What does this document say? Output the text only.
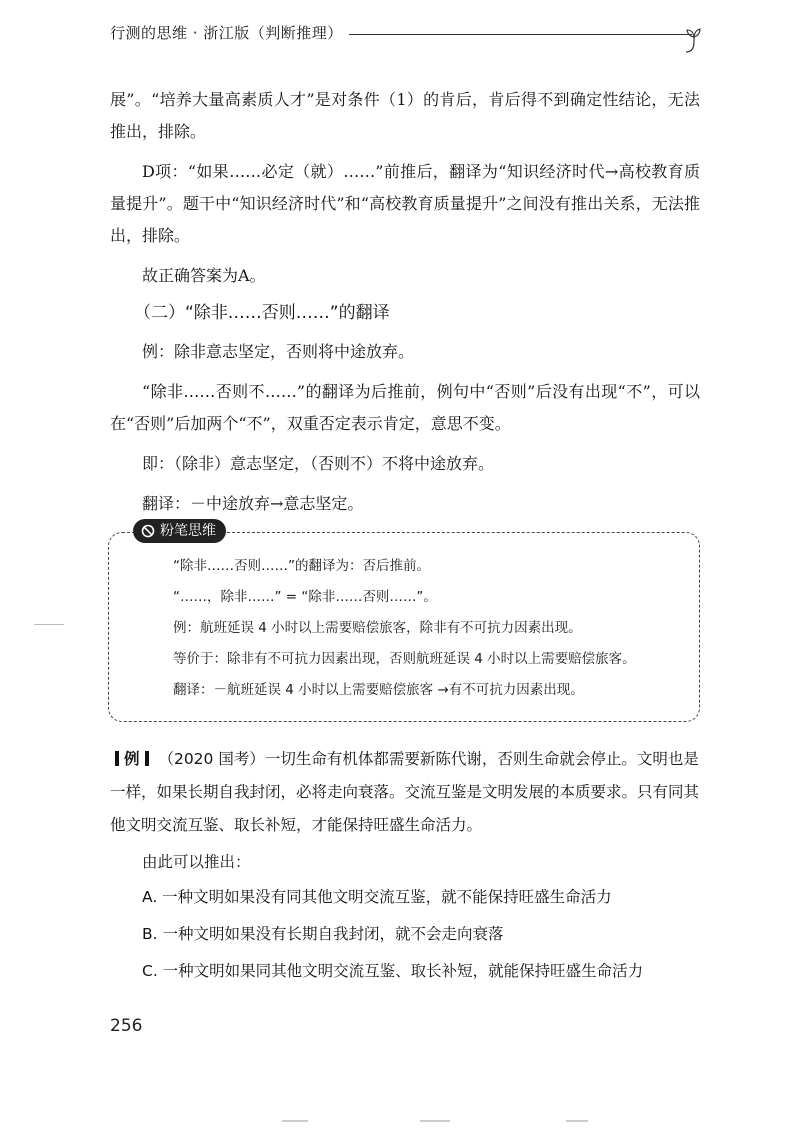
行测的思维 · 浙江版（判断推理）

展”。“培养大量高素质人才”是对条件（1）的肯后，肯后得不到确定性结论，无法推出，排除。

D项：“如果……必定（就）……”前推后，翻译为“知识经济时代→高校教育质量提升”。题干中“知识经济时代”和“高校教育质量提升”之间没有推出关系，无法推出，排除。

故正确答案为A。

（二）“除非……否则……”的翻译

例：除非意志坚定，否则将中途放弃。

“除非……否则不……”的翻译为后推前，例句中“否则”后没有出现“不”，可以在“否则”后加两个“不”，双重否定表示肯定，意思不变。

即：（除非）意志坚定，（否则不）不将中途放弃。

翻译：－中途放弃→意志坚定。

粉笔思维

“除非……否则……”的翻译为：否后推前。

“……，除非……” = “除非……否则……”。

例：航班延误 4 小时以上需要赔偿旅客，除非有不可抗力因素出现。

等价于：除非有不可抗力因素出现，否则航班延误 4 小时以上需要赔偿旅客。

翻译：－航班延误 4 小时以上需要赔偿旅客 →有不可抗力因素出现。

例 （2020 国考）一切生命有机体都需要新陈代谢，否则生命就会停止。文明也是一样，如果长期自我封闭，必将走向衰落。交流互鉴是文明发展的本质要求。只有同其他文明交流互鉴、取长补短，才能保持旺盛生命活力。

由此可以推出：

A. 一种文明如果没有同其他文明交流互鉴，就不能保持旺盛生命活力

B. 一种文明如果没有长期自我封闭，就不会走向衰落

C. 一种文明如果同其他文明交流互鉴、取长补短，就能保持旺盛生命活力

256
